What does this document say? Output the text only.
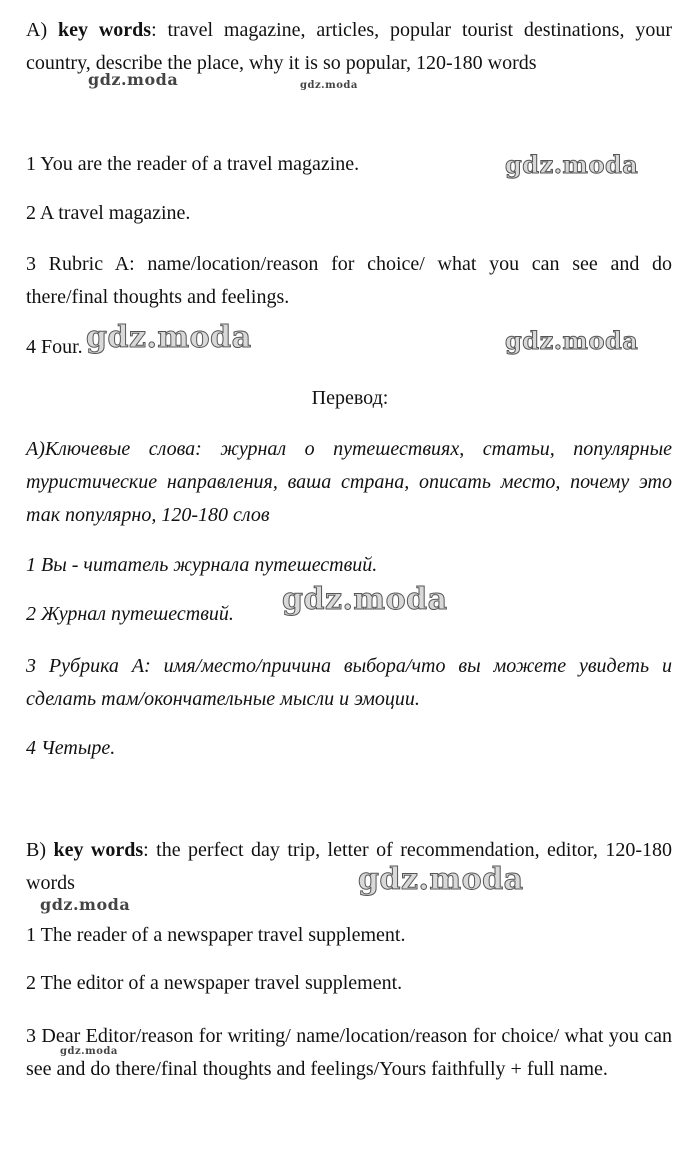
A) key words: travel magazine, articles, popular tourist destinations, your country, describe the place, why it is so popular, 120-180 words

1 You are the reader of a travel magazine.

2 A travel magazine.

3 Rubric A: name/location/reason for choice/ what you can see and do there/final thoughts and feelings.

4 Four.

Перевод:

А)Ключевые слова: журнал о путешествиях, статьи, популярные туристические направления, ваша страна, описать место, почему это так популярно, 120-180 слов

1 Вы - читатель журнала путешествий.

2 Журнал путешествий.

3 Рубрика А: имя/место/причина выбора/что вы можете увидеть и сделать там/окончательные мысли и эмоции.

4 Четыре.

B) key words: the perfect day trip, letter of recommendation, editor, 120-180 words

1 The reader of a newspaper travel supplement.

2 The editor of a newspaper travel supplement.

3 Dear Editor/reason for writing/ name/location/reason for choice/ what you can see and do there/final thoughts and feelings/Yours faithfully + full name.

gdz.moda	gdz.moda
gdz.moda
gdz.moda	gdz.moda
gdz.moda
gdz.moda
gdz.moda
gdz.moda
